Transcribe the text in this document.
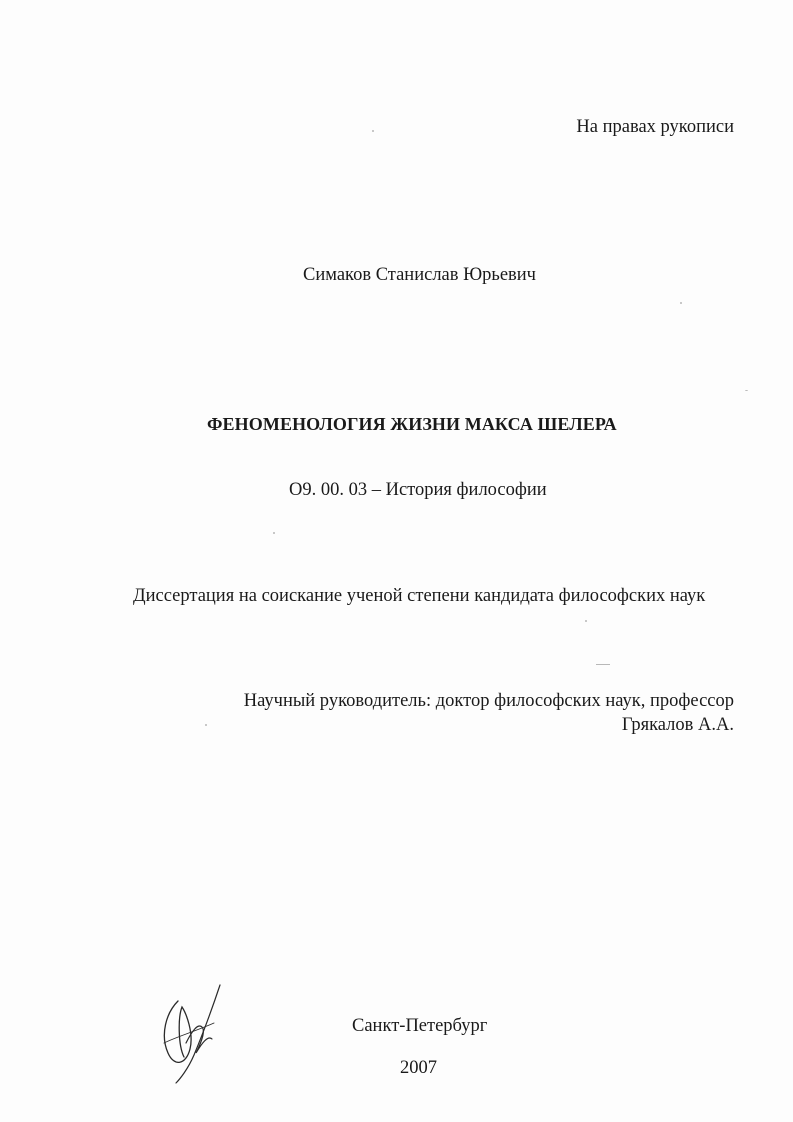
На правах рукописи
Симаков Станислав Юрьевич
ФЕНОМЕНОЛОГИЯ ЖИЗНИ МАКСА ШЕЛЕРА
О9. 00. 03 – История философии
Диссертация на соискание ученой степени кандидата философских наук
Научный руководитель: доктор философских наук, профессор
Грякалов А.А.
Санкт-Петербург
2007
